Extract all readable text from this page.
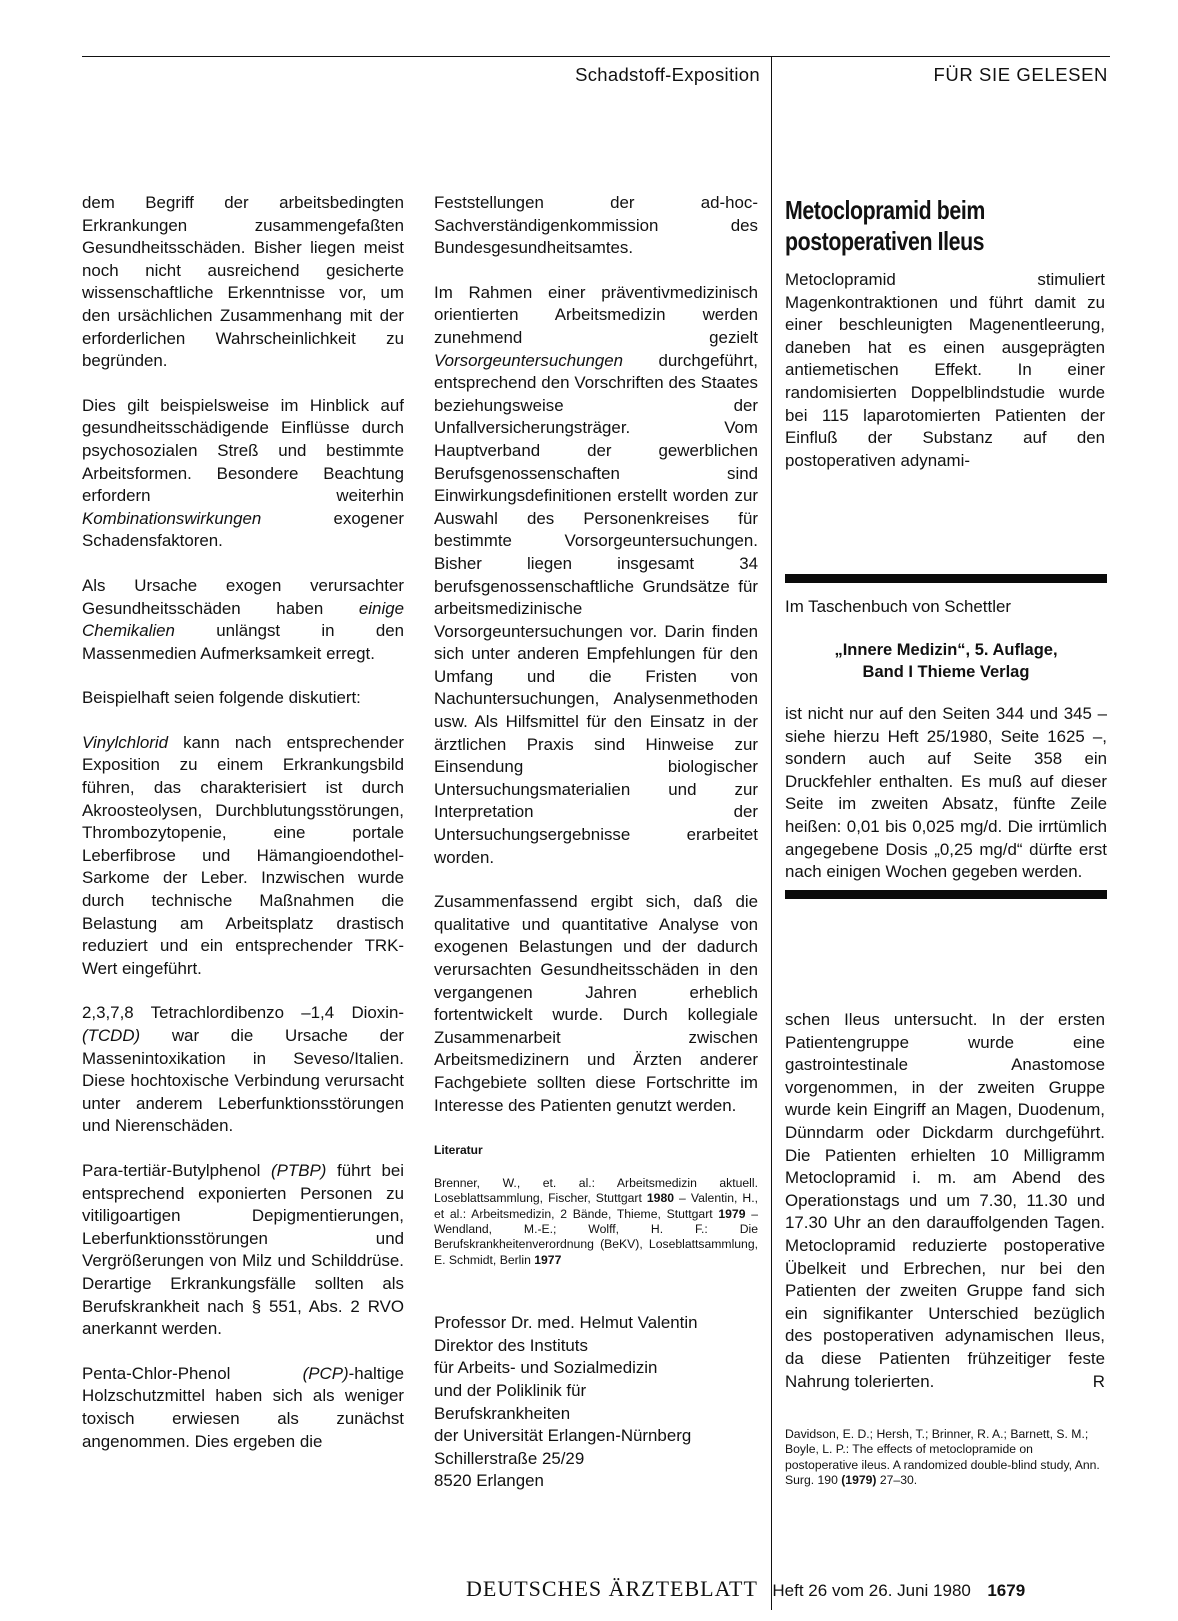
Schadstoff-Exposition	FÜR SIE GELESEN

dem Begriff der arbeitsbedingten Erkrankungen zusammengefaßten Gesundheitsschäden. Bisher liegen meist noch nicht ausreichend gesicherte wissenschaftliche Erkenntnisse vor, um den ursächlichen Zusammenhang mit der erforderlichen Wahrscheinlichkeit zu begründen.

Dies gilt beispielsweise im Hinblick auf gesundheitsschädigende Einflüsse durch psychosozialen Streß und bestimmte Arbeitsformen. Besondere Beachtung erfordern weiterhin Kombinationswirkungen exogener Schadensfaktoren.

Als Ursache exogen verursachter Gesundheitsschäden haben einige Chemikalien unlängst in den Massenmedien Aufmerksamkeit erregt.

Beispielhaft seien folgende diskutiert:

Vinylchlorid kann nach entsprechender Exposition zu einem Erkrankungsbild führen, das charakterisiert ist durch Akroosteolysen, Durchblutungsstörungen, Thrombozytopenie, eine portale Leberfibrose und Hämangioendothel-Sarkome der Leber. Inzwischen wurde durch technische Maßnahmen die Belastung am Arbeitsplatz drastisch reduziert und ein entsprechender TRK-Wert eingeführt.

2,3,7,8 Tetrachlordibenzo –1,4 Dioxin- (TCDD) war die Ursache der Massenintoxikation in Seveso/Italien. Diese hochtoxische Verbindung verursacht unter anderem Leberfunktionsstörungen und Nierenschäden.

Para-tertiär-Butylphenol (PTBP) führt bei entsprechend exponierten Personen zu vitiligoartigen Depigmentierungen, Leberfunktionsstörungen und Vergrößerungen von Milz und Schilddrüse. Derartige Erkrankungsfälle sollten als Berufskrankheit nach § 551, Abs. 2 RVO anerkannt werden.

Penta-Chlor-Phenol (PCP)-haltige Holzschutzmittel haben sich als weniger toxisch erwiesen als zunächst angenommen. Dies ergeben die

Feststellungen der ad-hoc-Sachverständigenkommission des Bundesgesundheitsamtes.

Im Rahmen einer präventivmedizinisch orientierten Arbeitsmedizin werden zunehmend gezielt Vorsorgeuntersuchungen durchgeführt, entsprechend den Vorschriften des Staates beziehungsweise der Unfallversicherungsträger. Vom Hauptverband der gewerblichen Berufsgenossenschaften sind Einwirkungsdefinitionen erstellt worden zur Auswahl des Personenkreises für bestimmte Vorsorgeuntersuchungen. Bisher liegen insgesamt 34 berufsgenossenschaftliche Grundsätze für arbeitsmedizinische Vorsorgeuntersuchungen vor. Darin finden sich unter anderen Empfehlungen für den Umfang und die Fristen von Nachuntersuchungen, Analysenmethoden usw. Als Hilfsmittel für den Einsatz in der ärztlichen Praxis sind Hinweise zur Einsendung biologischer Untersuchungsmaterialien und zur Interpretation der Untersuchungsergebnisse erarbeitet worden.

Zusammenfassend ergibt sich, daß die qualitative und quantitative Analyse von exogenen Belastungen und der dadurch verursachten Gesundheitsschäden in den vergangenen Jahren erheblich fortentwickelt wurde. Durch kollegiale Zusammenarbeit zwischen Arbeitsmedizinern und Ärzten anderer Fachgebiete sollten diese Fortschritte im Interesse des Patienten genutzt werden.

Literatur
Brenner, W., et. al.: Arbeitsmedizin aktuell. Loseblattsammlung, Fischer, Stuttgart 1980 – Valentin, H., et al.: Arbeitsmedizin, 2 Bände, Thieme, Stuttgart 1979 – Wendland, M.-E.; Wolff, H. F.: Die Berufskrankheitenverordnung (BeKV), Loseblattsammlung, E. Schmidt, Berlin 1977
Professor Dr. med. Helmut Valentin
Direktor des Instituts
für Arbeits- und Sozialmedizin
und der Poliklinik für
Berufskrankheiten
der Universität Erlangen-Nürnberg
Schillerstraße 25/29
8520 Erlangen
Metoclopramid beim
postoperativen Ileus

Metoclopramid stimuliert Magenkontraktionen und führt damit zu einer beschleunigten Magenentleerung, daneben hat es einen ausgeprägten antiemetischen Effekt. In einer randomisierten Doppelblindstudie wurde bei 115 laparotomierten Patienten der Einfluß der Substanz auf den postoperativen adynami-

Im Taschenbuch von Schettler
„Innere Medizin“, 5. Auflage,
Band I Thieme Verlag
ist nicht nur auf den Seiten 344 und 345 – siehe hierzu Heft 25/1980, Seite 1625 –, sondern auch auf Seite 358 ein Druckfehler enthalten. Es muß auf dieser Seite im zweiten Absatz, fünfte Zeile heißen: 0,01 bis 0,025 mg/d. Die irrtümlich angegebene Dosis „0,25 mg/d“ dürfte erst nach einigen Wochen gegeben werden.

schen Ileus untersucht. In der ersten Patientengruppe wurde eine gastrointestinale Anastomose vorgenommen, in der zweiten Gruppe wurde kein Eingriff an Magen, Duodenum, Dünndarm oder Dickdarm durchgeführt. Die Patienten erhielten 10 Milligramm Metoclopramid i. m. am Abend des Operationstags und um 7.30, 11.30 und 17.30 Uhr an den darauffolgenden Tagen. Metoclopramid reduzierte postoperative Übelkeit und Erbrechen, nur bei den Patienten der zweiten Gruppe fand sich ein signifikanter Unterschied bezüglich des postoperativen adynamischen Ileus, da diese Patienten frühzeitiger feste Nahrung tolerierten.	R

Davidson, E. D.; Hersh, T.; Brinner, R. A.; Barnett, S. M.; Boyle, L. P.: The effects of metoclopramide on postoperative ileus. A randomized double-blind study, Ann. Surg. 190 (1979) 27–30.
DEUTSCHES ÄRZTEBLATT Heft 26 vom 26. Juni 1980 1679
